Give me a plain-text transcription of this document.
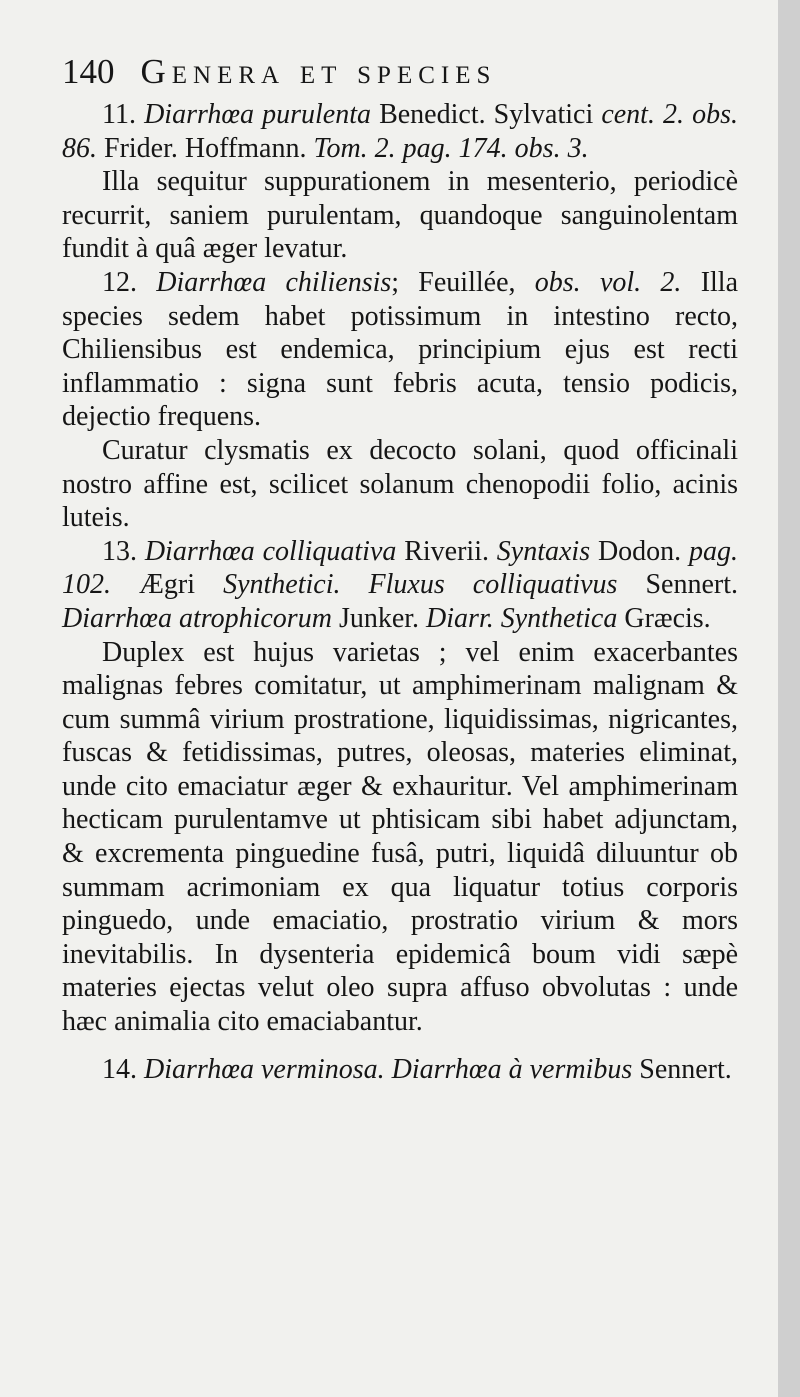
140 Genera et species

11. Diarrhœa purulenta Benedict. Sylvatici cent. 2. obs. 86. Frider. Hoffmann. Tom. 2. pag. 174. obs. 3.

Illa sequitur suppurationem in mesenterio, periodicè recurrit, saniem purulentam, quandoque sanguinolentam fundit à quâ æger levatur.

12. Diarrhœa chiliensis; Feuillée, obs. vol. 2. Illa species sedem habet potissimum in intestino recto, Chiliensibus est endemica, principium ejus est recti inflammatio : signa sunt febris acuta, tensio podicis, dejectio frequens.

Curatur clysmatis ex decocto solani, quod officinali nostro affine est, scilicet solanum chenopodii folio, acinis luteis.

13. Diarrhœa colliquativa Riverii. Syntaxis Dodon. pag. 102. Ægri Synthetici. Fluxus colliquativus Sennert. Diarrhœa atrophicorum Junker. Diarr. Synthetica Græcis.

Duplex est hujus varietas ; vel enim exacerbantes malignas febres comitatur, ut amphimerinam malignam & cum summâ virium prostratione, liquidissimas, nigricantes, fuscas & fetidissimas, putres, oleosas, materies eliminat, unde cito emaciatur æger & exhauritur. Vel amphimerinam hecticam purulentamve ut phtisicam sibi habet adjunctam, & excrementa pinguedine fusâ, putri, liquidâ diluuntur ob summam acrimoniam ex qua liquatur totius corporis pinguedo, unde emaciatio, prostratio virium & mors inevitabilis. In dysenteria epidemicâ boum vidi sæpè materies ejectas velut oleo supra affuso obvolutas : unde hæc animalia cito emaciabantur.

14. Diarrhœa verminosa. Diarrhœa à vermibus Sennert.
